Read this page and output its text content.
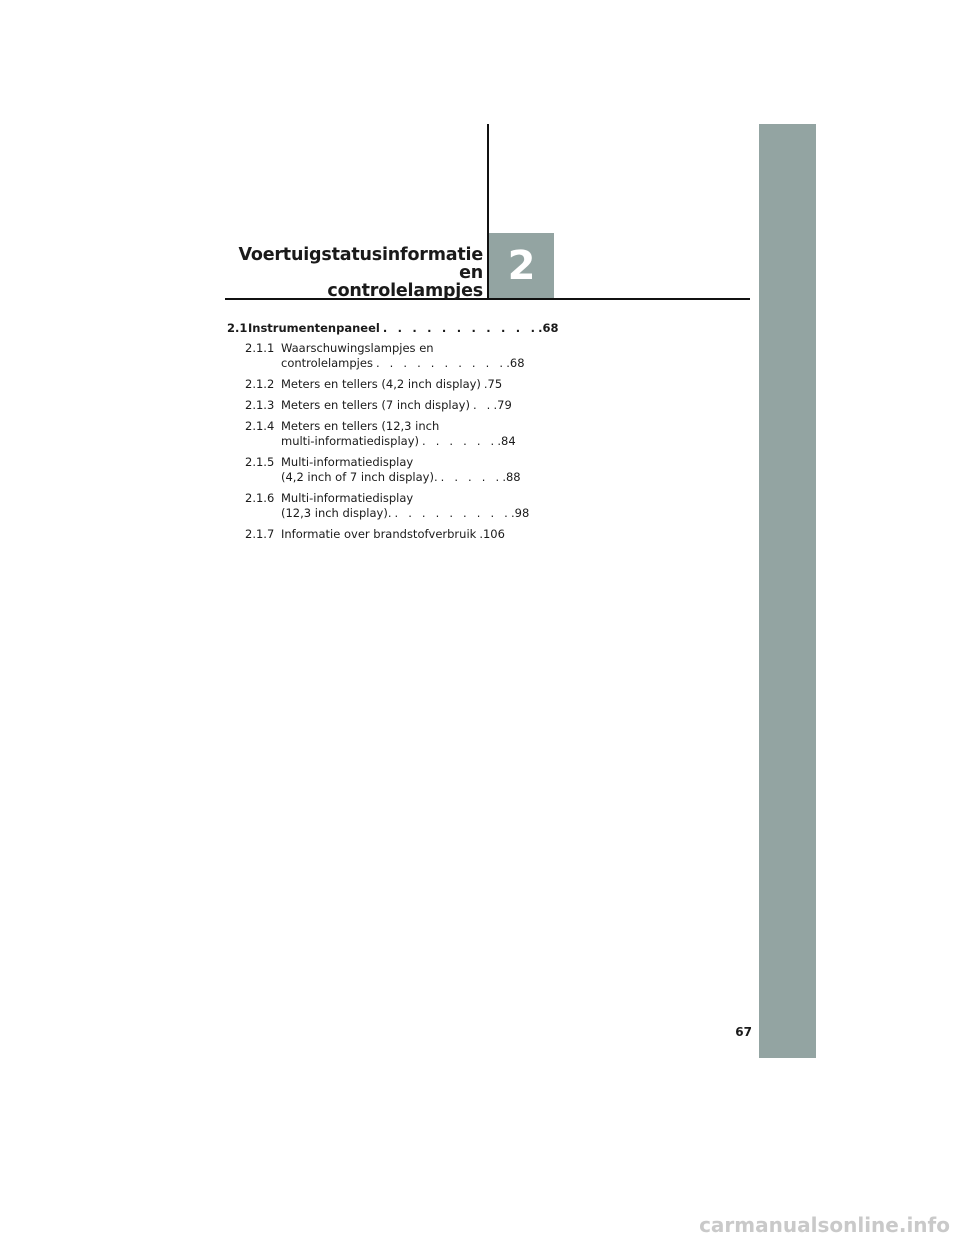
2
Voertuigstatusinformatie en
controlelampjes
2.1 Instrumentenpaneel . . . . . . . . . . . .68
2.1.1 Waarschuwingslampjes en
controlelampjes . . . . . . . . . . .68
2.1.2 Meters en tellers (4,2 inch display) .75
2.1.3 Meters en tellers (7 inch display) . . .79
2.1.4 Meters en tellers (12,3 inch
multi-informatiedisplay) . . . . . . .84
2.1.5 Multi-informatiedisplay
(4,2 inch of 7 inch display). . . . . . .88
2.1.6 Multi-informatiedisplay
(12,3 inch display). . . . . . . . . . .98
2.1.7 Informatie over brandstofverbruik .106
67
carmanualsonline.info
